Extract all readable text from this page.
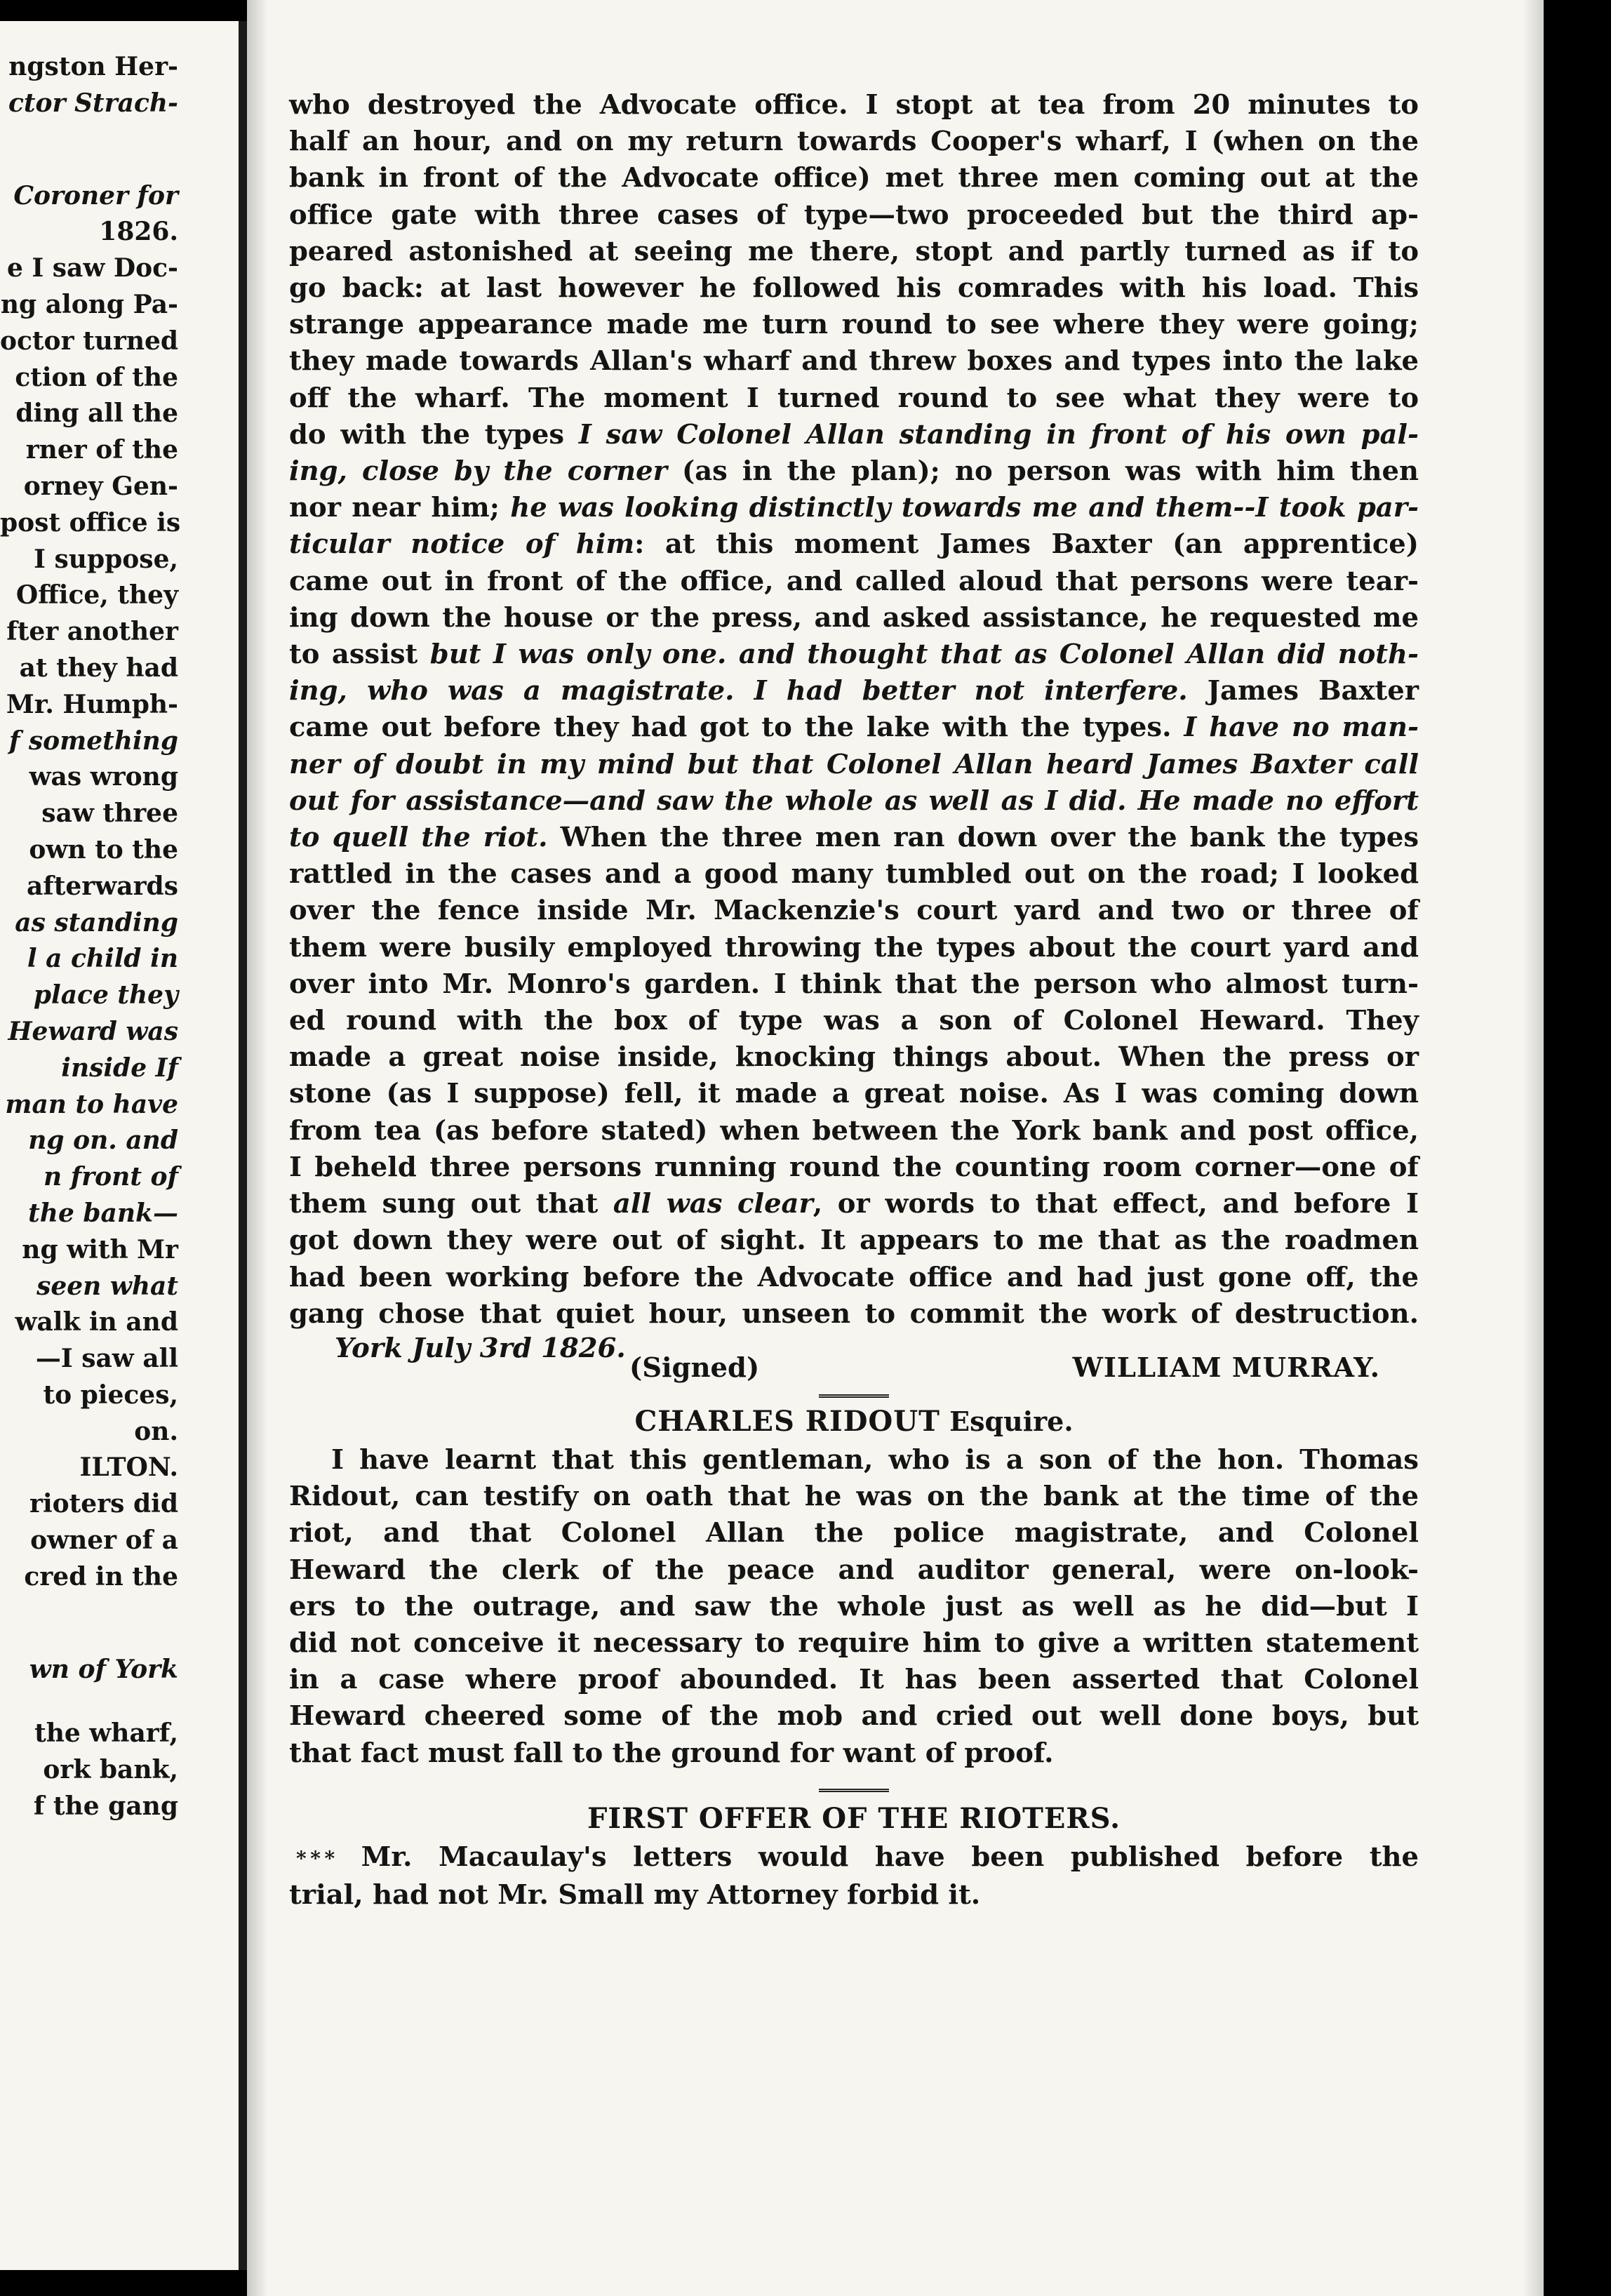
ngston Her-
ctor Strach-
Coroner for
1826.
e I saw Doc-
ng along Pa-
octor turned
ction of the
ding all the
rner of the
orney Gen-
post office is
I suppose,
Office, they
fter another
at they had
Mr. Humph-
f something
was wrong
saw three
own to the
afterwards
as standing
l a child in
place they
Heward was
inside If
man to have
ng on. and
n front of
the bank—
ng with Mr
seen what
walk in and
—I saw all
to pieces,
on.
ILTON.
rioters did
owner of a
cred in the
wn of York
the wharf,
ork bank,
f the gang

who destroyed the Advocate office. I stopt at tea from 20 minutes to

half an hour, and on my return towards Cooper's wharf, I (when on the

bank in front of the Advocate office) met three men coming out at the

office gate with three cases of type—two proceeded but the third ap-

peared astonished at seeing me there, stopt and partly turned as if to

go back: at last however he followed his comrades with his load. This

strange appearance made me turn round to see where they were going;

they made towards Allan's wharf and threw boxes and types into the lake

off the wharf. The moment I turned round to see what they were to

do with the types I saw Colonel Allan standing in front of his own pal-

ing, close by the corner (as in the plan); no person was with him then

nor near him; he was looking distinctly towards me and them--I took par-

ticular notice of him: at this moment James Baxter (an apprentice)

came out in front of the office, and called aloud that persons were tear-

ing down the house or the press, and asked assistance, he requested me

to assist but I was only one. and thought that as Colonel Allan did noth-

ing, who was a magistrate. I had better not interfere. James Baxter

came out before they had got to the lake with the types. I have no man-

ner of doubt in my mind but that Colonel Allan heard James Baxter call

out for assistance—and saw the whole as well as I did. He made no effort

to quell the riot. When the three men ran down over the bank the types

rattled in the cases and a good many tumbled out on the road; I looked

over the fence inside Mr. Mackenzie's court yard and two or three of

them were busily employed throwing the types about the court yard and

over into Mr. Monro's garden. I think that the person who almost turn-

ed round with the box of type was a son of Colonel Heward. They

made a great noise inside, knocking things about. When the press or

stone (as I suppose) fell, it made a great noise. As I was coming down

from tea (as before stated) when between the York bank and post office,

I beheld three persons running round the counting room corner—one of

them sung out that all was clear, or words to that effect, and before I

got down they were out of sight. It appears to me that as the roadmen

had been working before the Advocate office and had just gone off, the

gang chose that quiet hour, unseen to commit the work of destruction.

York July 3rd 1826.
(Signed)	WILLIAM MURRAY.
CHARLES RIDOUT Esquire.

I have learnt that this gentleman, who is a son of the hon. Thomas

Ridout, can testify on oath that he was on the bank at the time of the

riot, and that Colonel Allan the police magistrate, and Colonel

Heward the clerk of the peace and auditor general, were on-look-

ers to the outrage, and saw the whole just as well as he did—but I

did not conceive it necessary to require him to give a written statement

in a case where proof abounded. It has been asserted that Colonel

Heward cheered some of the mob and cried out well done boys, but

that fact must fall to the ground for want of proof.

FIRST OFFER OF THE RIOTERS.

* * * Mr. Macaulay's letters would have been published before the

trial, had not Mr. Small my Attorney forbid it.
